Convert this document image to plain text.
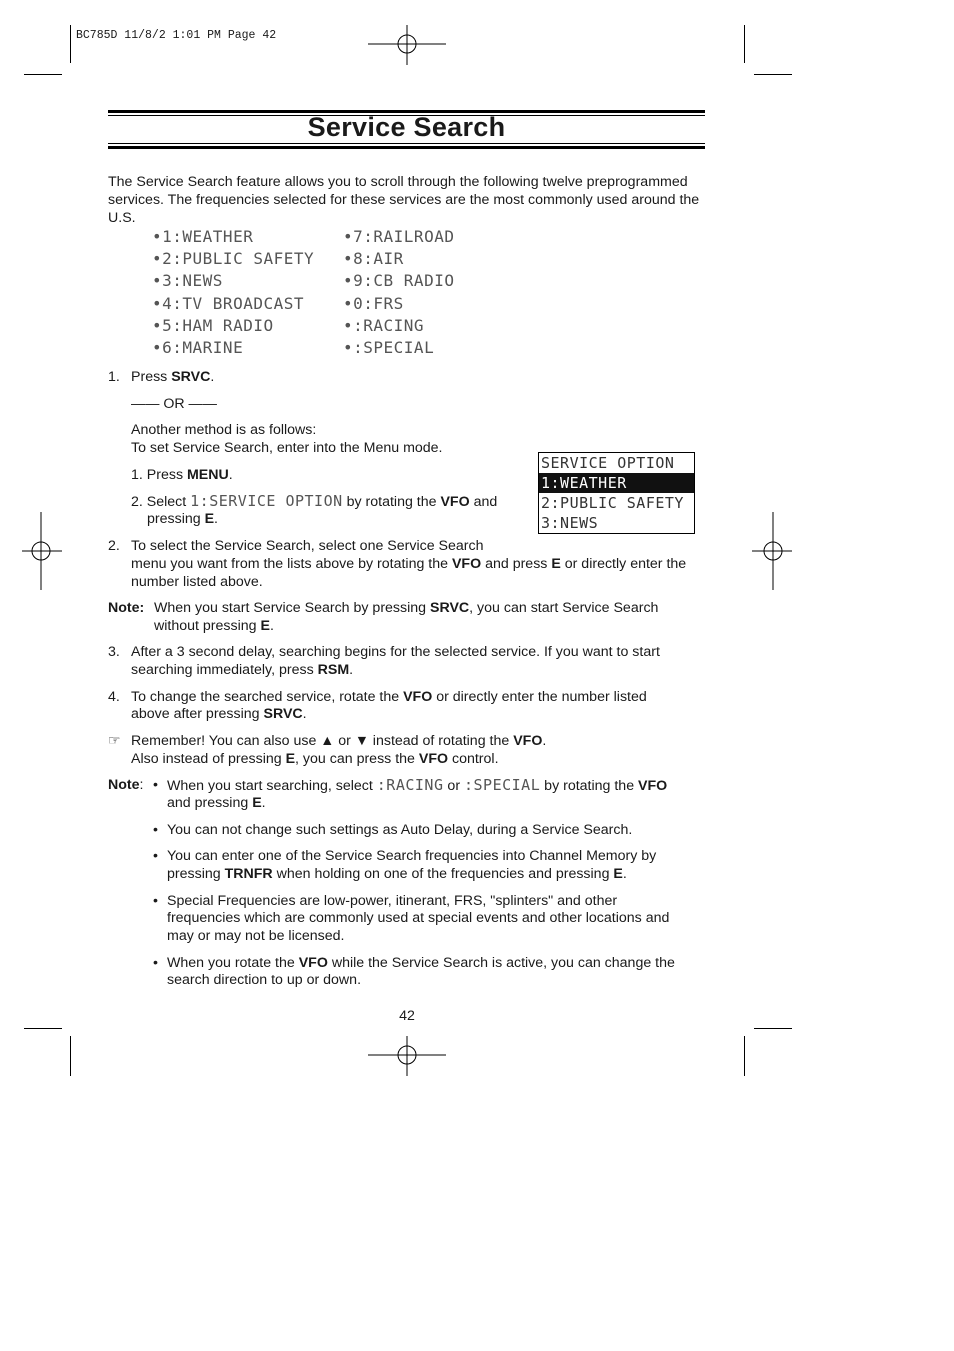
BC785D 11/8/2 1:01 PM Page 42
Service Search

The Service Search feature allows you to scroll through the following twelve preprogrammed services. The frequencies selected for these services are the most commonly used around the U.S.

•1:WEATHER
•2:PUBLIC SAFETY
•3:NEWS
•4:TV BROADCAST
•5:HAM RADIO
•6:MARINE
•7:RAILROAD
•8:AIR
•9:CB RADIO
•0:FRS
•:RACING
•:SPECIAL
1. Press SRVC.
—— OR ——
Another method is as follows:
To set Service Search, enter into the Menu mode.
1. Press MENU.
2. Select 1:SERVICE OPTION by rotating the VFO and
pressing E.
SERVICE OPTION
1:WEATHER
2:PUBLIC SAFETY
3:NEWS
2. To select the Service Search, select one Service Search
menu you want from the lists above by rotating the VFO and press E or directly enter the
number listed above.
Note: When you start Service Search by pressing SRVC, you can start Service Search
without pressing E.
3. After a 3 second delay, searching begins for the selected service. If you want to start
searching immediately, press RSM.
4. To change the searched service, rotate the VFO or directly enter the number listed
above after pressing SRVC.
☞ Remember! You can also use ▲ or ▼ instead of rotating the VFO.
Also instead of pressing E, you can press the VFO control.
Note: • When you start searching, select :RACING or :SPECIAL by rotating the VFO
and pressing E.
• You can not change such settings as Auto Delay, during a Service Search.
• You can enter one of the Service Search frequencies into Channel Memory by
pressing TRNFR when holding on one of the frequencies and pressing E.
• Special Frequencies are low-power, itinerant, FRS, "splinters" and other
frequencies which are commonly used at special events and other locations and
may or may not be licensed.
• When you rotate the VFO while the Service Search is active, you can change the
search direction to up or down.
42
